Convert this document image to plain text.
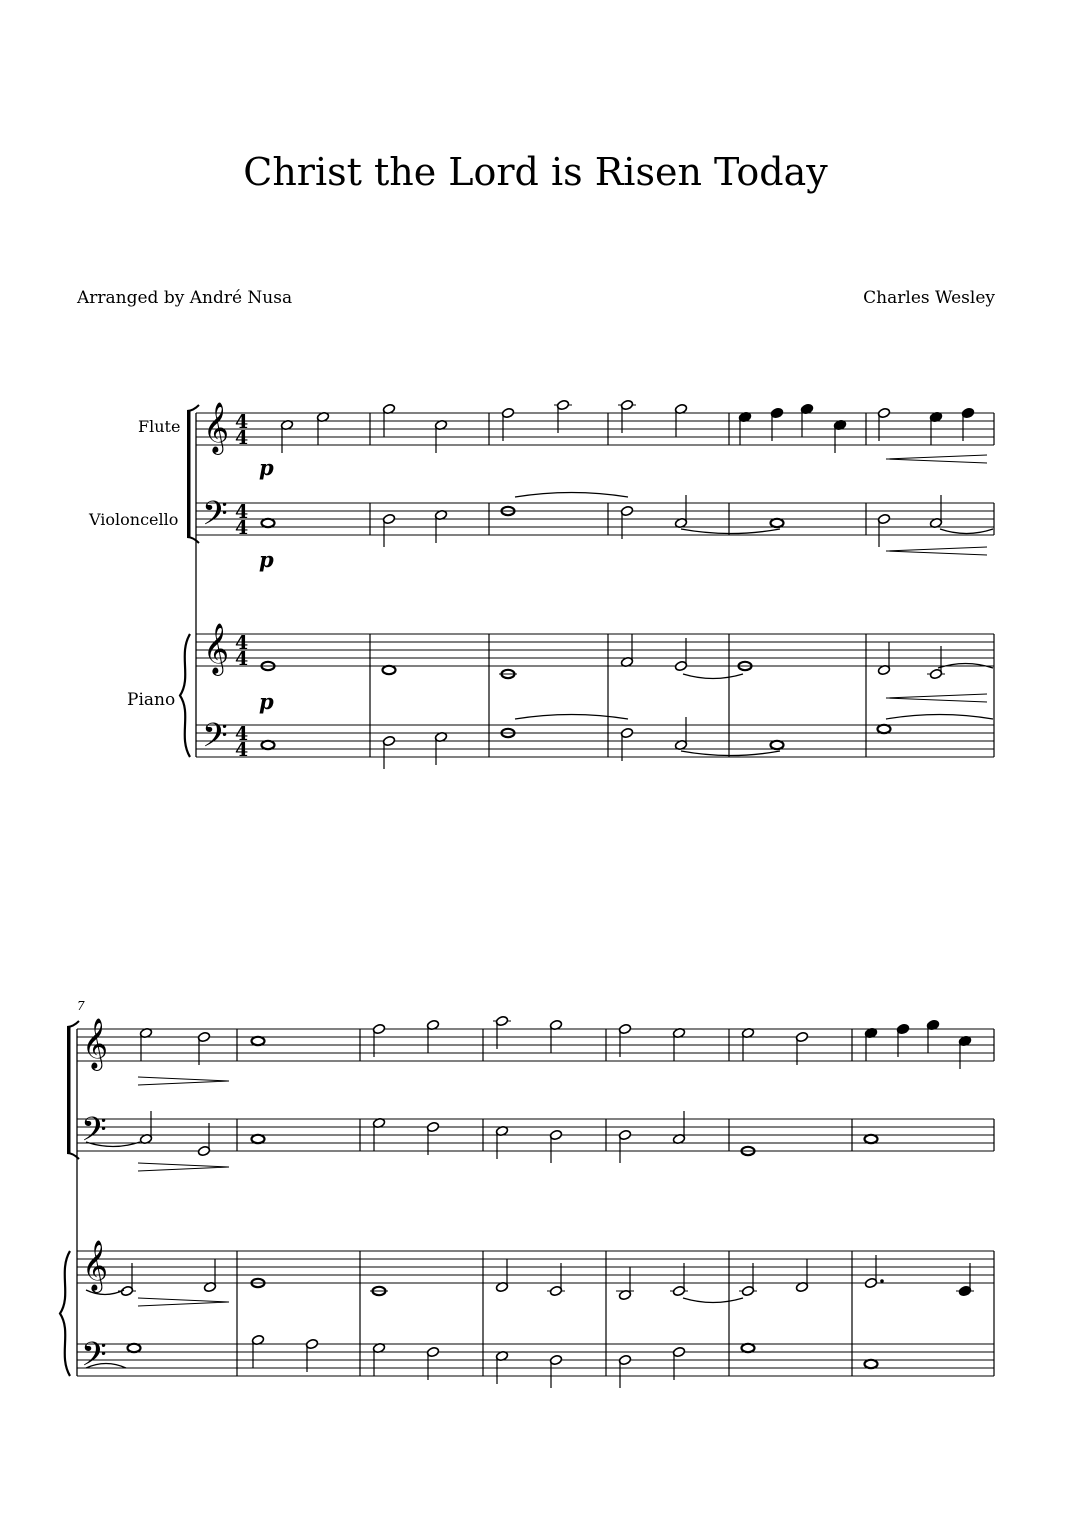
Christ the Lord is Risen Today
Arranged by André Nusa	Charles Wesley
Flute
Violoncello
Piano
𝄞
𝄢
𝄞
𝄢
4
4
4
4
4
4
4
4
p
p
p
7
𝄞
𝄢
𝄞
𝄢
